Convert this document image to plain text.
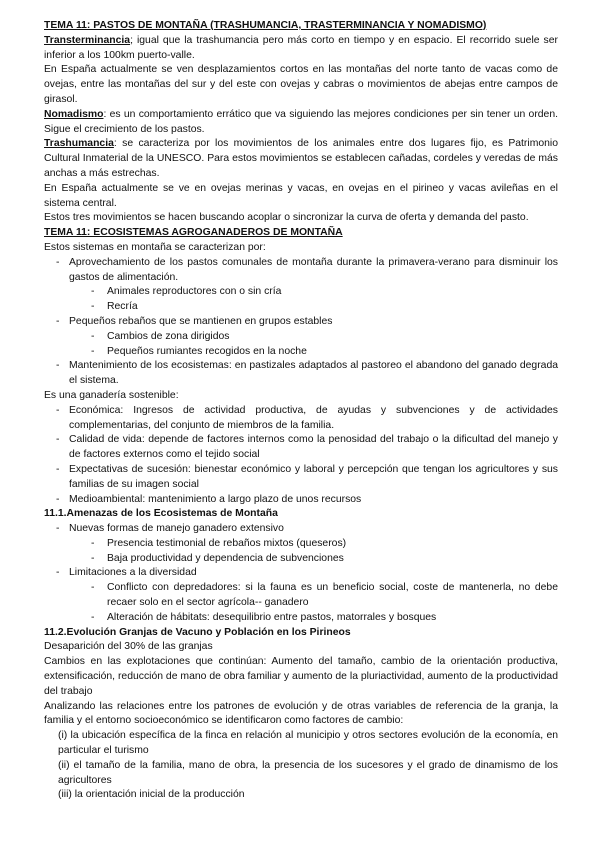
TEMA 11: PASTOS DE MONTAÑA (TRASHUMANCIA, TRASTERMINANCIA Y NOMADISMO)

Transterminancia; igual que la trashumancia pero más corto en tiempo y en espacio. El recorrido suele ser inferior a los 100km puerto-valle.

En España actualmente se ven desplazamientos cortos en las montañas del norte tanto de vacas como de ovejas, entre las montañas del sur y del este con ovejas y cabras o movimientos de abejas entre campos de girasol.

Nomadismo: es un comportamiento errático que va siguiendo las mejores condiciones per sin tener un orden. Sigue el crecimiento de los pastos.

Trashumancia: se caracteriza por los movimientos de los animales entre dos lugares fijo, es Patrimonio Cultural Inmaterial de la UNESCO. Para estos movimientos se establecen cañadas, cordeles y veredas de más anchas a más estrechas.

En España actualmente se ve en ovejas merinas y vacas, en ovejas en el pirineo y vacas avileñas en el sistema central.

Estos tres movimientos se hacen buscando acoplar o sincronizar la curva de oferta y demanda del pasto.

TEMA 11: ECOSISTEMAS AGROGANADEROS DE MONTAÑA

Estos sistemas en montaña se caracterizan por:

- Aprovechamiento de los pastos comunales de montaña durante la primavera-verano para disminuir los gastos de alimentación.
- Animales reproductores con o sin cría
- Recría
- Pequeños rebaños que se mantienen en grupos estables
- Cambios de zona dirigidos
- Pequeños rumiantes recogidos en la noche
- Mantenimiento de los ecosistemas: en pastizales adaptados al pastoreo el abandono del ganado degrada el sistema.

Es una ganadería sostenible:

- Económica: Ingresos de actividad productiva, de ayudas y subvenciones y de actividades complementarias, del conjunto de miembros de la familia.
- Calidad de vida: depende de factores internos como la penosidad del trabajo o la dificultad del manejo y de factores externos como el tejido social
- Expectativas de sucesión: bienestar económico y laboral y percepción que tengan los agricultores y sus familias de su imagen social
- Medioambiental: mantenimiento a largo plazo de unos recursos

11.1.Amenazas de los Ecosistemas de Montaña

- Nuevas formas de manejo ganadero extensivo
- Presencia testimonial de rebaños mixtos (queseros)
- Baja productividad y dependencia de subvenciones
- Limitaciones a la diversidad
- Conflicto con depredadores: si la fauna es un beneficio social, coste de mantenerla, no debe recaer solo en el sector agrícola-- ganadero
- Alteración de hábitats: desequilibrio entre pastos, matorrales y bosques

11.2.Evolución Granjas de Vacuno y Población en los Pirineos

Desaparición del 30% de las granjas

Cambios en las explotaciones que continúan: Aumento del tamaño, cambio de la orientación productiva, extensificación, reducción de mano de obra familiar y aumento de la pluriactividad, aumento de la productividad del trabajo

Analizando las relaciones entre los patrones de evolución y de otras variables de referencia de la granja, la familia y el entorno socioeconómico se identificaron como factores de cambio:

(i) la ubicación específica de la finca en relación al municipio y otros sectores evolución de la economía, en particular el turismo

(ii) el tamaño de la familia, mano de obra, la presencia de los sucesores y el grado de dinamismo de los agricultores

(iii) la orientación inicial de la producción
